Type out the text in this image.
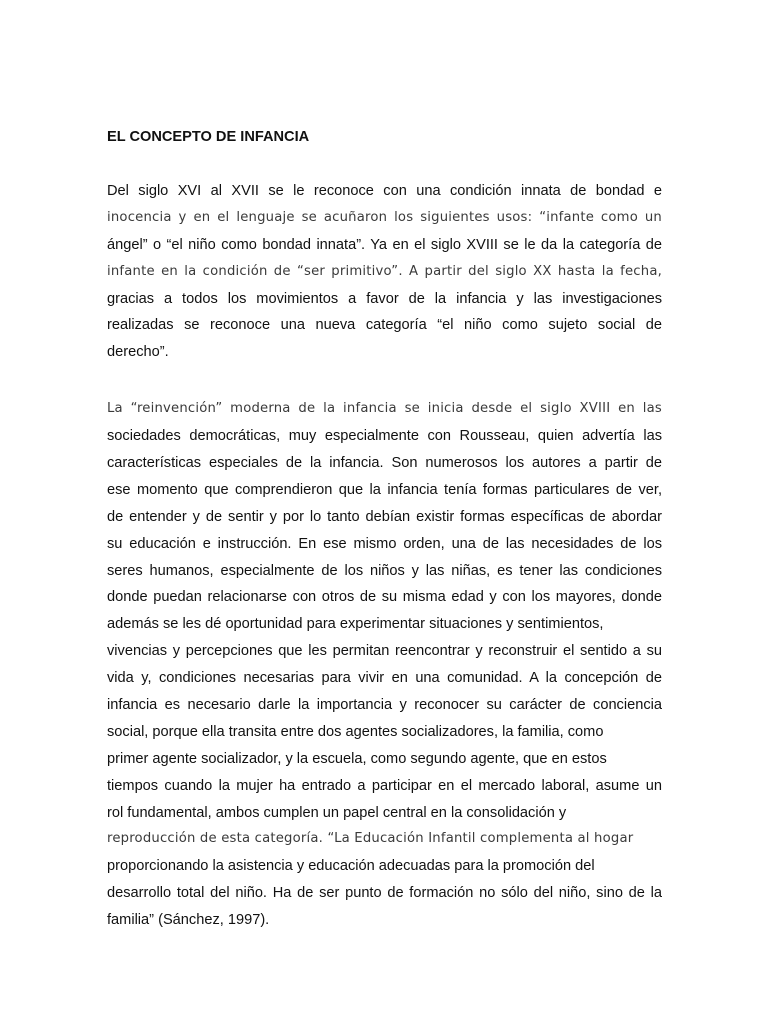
EL CONCEPTO DE INFANCIA
Del siglo XVI al XVII se le reconoce con una condición innata de bondad e
inocencia y en el lenguaje se acuñaron los siguientes usos: “infante como un
ángel” o “el niño como bondad innata”. Ya en el siglo XVIII se le da la categoría de
infante en la condición de “ser primitivo”. A partir del siglo XX hasta la fecha,
gracias a todos los movimientos a favor de la infancia y las investigaciones
realizadas se reconoce una nueva categoría “el niño como sujeto social de
derecho”.
La “reinvención” moderna de la infancia se inicia desde el siglo XVIII en las
sociedades democráticas, muy especialmente con Rousseau, quien advertía las
características especiales de la infancia. Son numerosos los autores a partir de
ese momento que comprendieron que la infancia tenía formas particulares de ver,
de entender y de sentir y por lo tanto debían existir formas específicas de abordar
su educación e instrucción. En ese mismo orden, una de las necesidades de los
seres humanos, especialmente de los niños y las niñas, es tener las condiciones
donde puedan relacionarse con otros de su misma edad y con los mayores, donde
además se les dé oportunidad para experimentar situaciones y sentimientos,
vivencias y percepciones que les permitan reencontrar y reconstruir el sentido a su
vida y, condiciones necesarias para vivir en una comunidad. A la concepción de
infancia es necesario darle la importancia y reconocer su carácter de conciencia
social, porque ella transita entre dos agentes socializadores, la familia, como
primer agente socializador, y la escuela, como segundo agente, que en estos
tiempos cuando la mujer ha entrado a participar en el mercado laboral, asume un
rol fundamental, ambos cumplen un papel central en la consolidación y
reproducción de esta categoría. “La Educación Infantil complementa al hogar
proporcionando la asistencia y educación adecuadas para la promoción del
desarrollo total del niño. Ha de ser punto de formación no sólo del niño, sino de la
familia” (Sánchez, 1997).
